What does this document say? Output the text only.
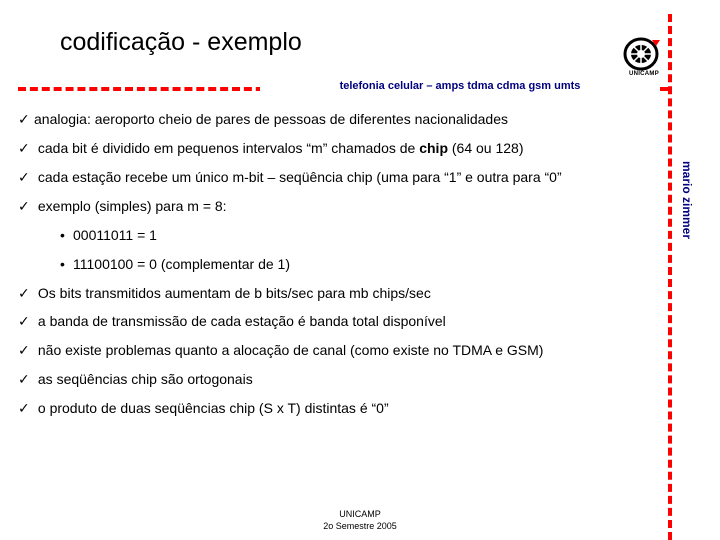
codificação - exemplo
UNICAMP
telefonia celular – amps tdma cdma gsm umts
mario zimmer
✓ analogia: aeroporto cheio de pares de pessoas de diferentes nacionalidades
✓ cada bit é dividido em pequenos intervalos “m” chamados de chip (64 ou 128)
✓ cada estação recebe um único m-bit – seqüência chip (uma para “1” e outra para “0”
✓ exemplo (simples) para m = 8:
• 00011011 = 1
• 11100100 = 0 (complementar de 1)
✓ Os bits transmitidos aumentam de b bits/sec para mb chips/sec
✓ a banda de transmissão de cada estação é banda total disponível
✓ não existe problemas quanto a alocação de canal (como existe no TDMA e GSM)
✓ as seqüências chip são ortogonais
✓ o produto de duas seqüências chip (S x T) distintas é “0”
UNICAMP
2o Semestre 2005
